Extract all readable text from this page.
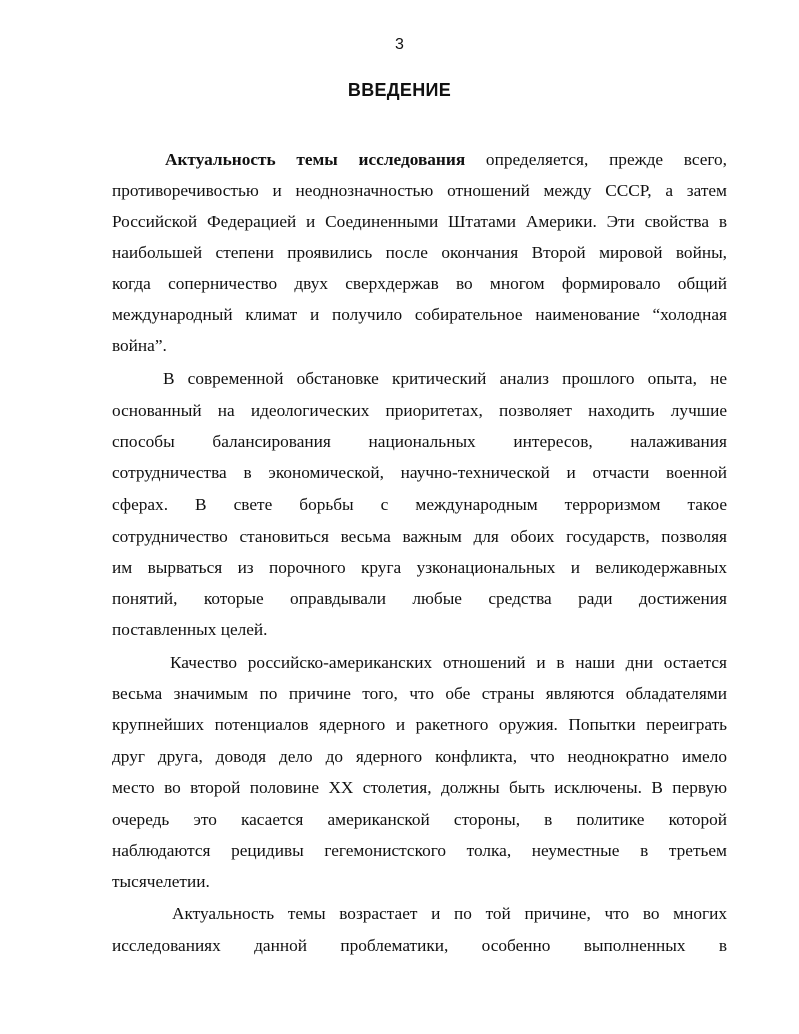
3
ВВЕДЕНИЕ
Актуальность темы исследования определяется, прежде всего,
противоречивостью и неоднозначностью отношений между СССР, а затем
Российской Федерацией и Соединенными Штатами Америки. Эти свойства в
наибольшей степени проявились после окончания Второй мировой войны,
когда соперничество двух сверхдержав во многом формировало общий
международный климат и получило собирательное наименование “холодная
война”.
В современной обстановке критический анализ прошлого опыта, не
основанный на идеологических приоритетах, позволяет находить лучшие
способы балансирования национальных интересов, налаживания
сотрудничества в экономической, научно-технической и отчасти военной
сферах. В свете борьбы с международным терроризмом такое
сотрудничество становиться весьма важным для обоих государств, позволяя
им вырваться из порочного круга узконациональных и великодержавных
понятий, которые оправдывали любые средства ради достижения
поставленных целей.
Качество российско-американских отношений и в наши дни остается
весьма значимым по причине того, что обе страны являются обладателями
крупнейших потенциалов ядерного и ракетного оружия. Попытки переиграть
друг друга, доводя дело до ядерного конфликта, что неоднократно имело
место во второй половине XX столетия, должны быть исключены. В первую
очередь это касается американской стороны, в политике которой
наблюдаются рецидивы гегемонистского толка, неуместные в третьем
тысячелетии.
Актуальность темы возрастает и по той причине, что во многих
исследованиях данной проблематики, особенно выполненных в
